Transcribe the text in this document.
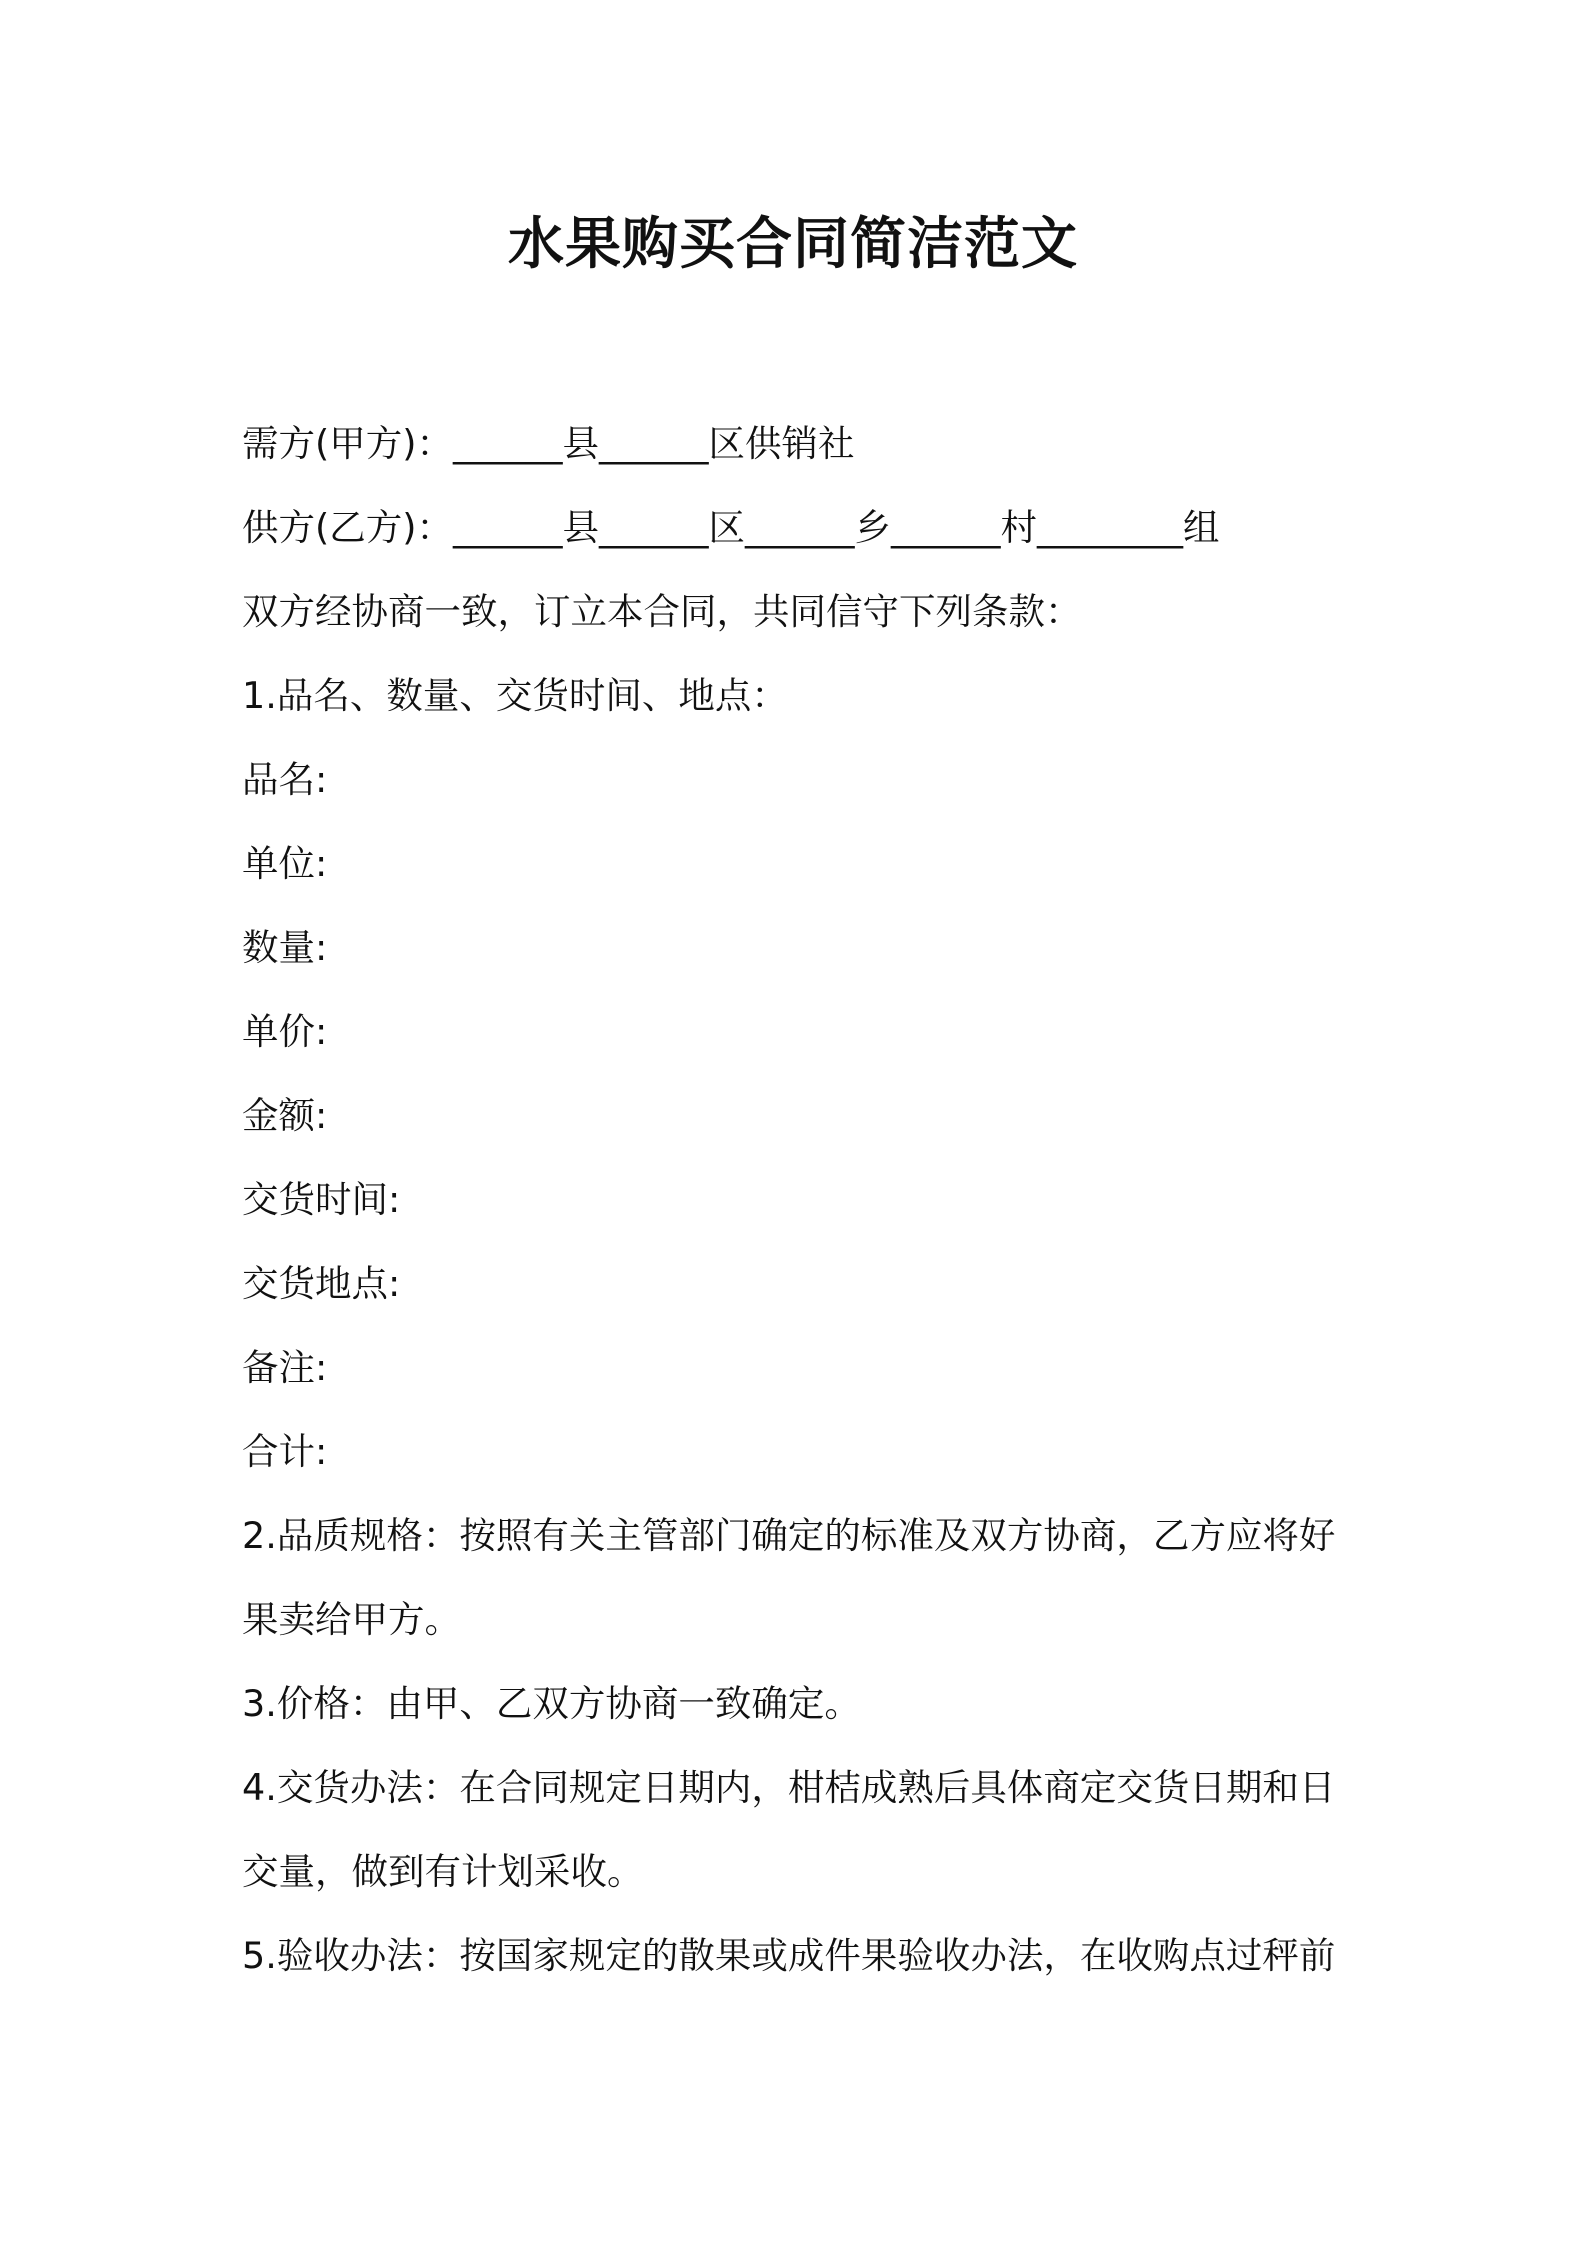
水果购买合同简洁范文
需方(甲方)：______县______区供销社
供方(乙方)：______县______区______乡______村________组
双方经协商一致，订立本合同，共同信守下列条款：
1.品名、数量、交货时间、地点：
品名:
单位:
数量:
单价:
金额:
交货时间:
交货地点:
备注:
合计:
2.品质规格：按照有关主管部门确定的标准及双方协商，乙方应将好
果卖给甲方。
3.价格：由甲、乙双方协商一致确定。
4.交货办法：在合同规定日期内，柑桔成熟后具体商定交货日期和日
交量，做到有计划采收。
5.验收办法：按国家规定的散果或成件果验收办法，在收购点过秤前
